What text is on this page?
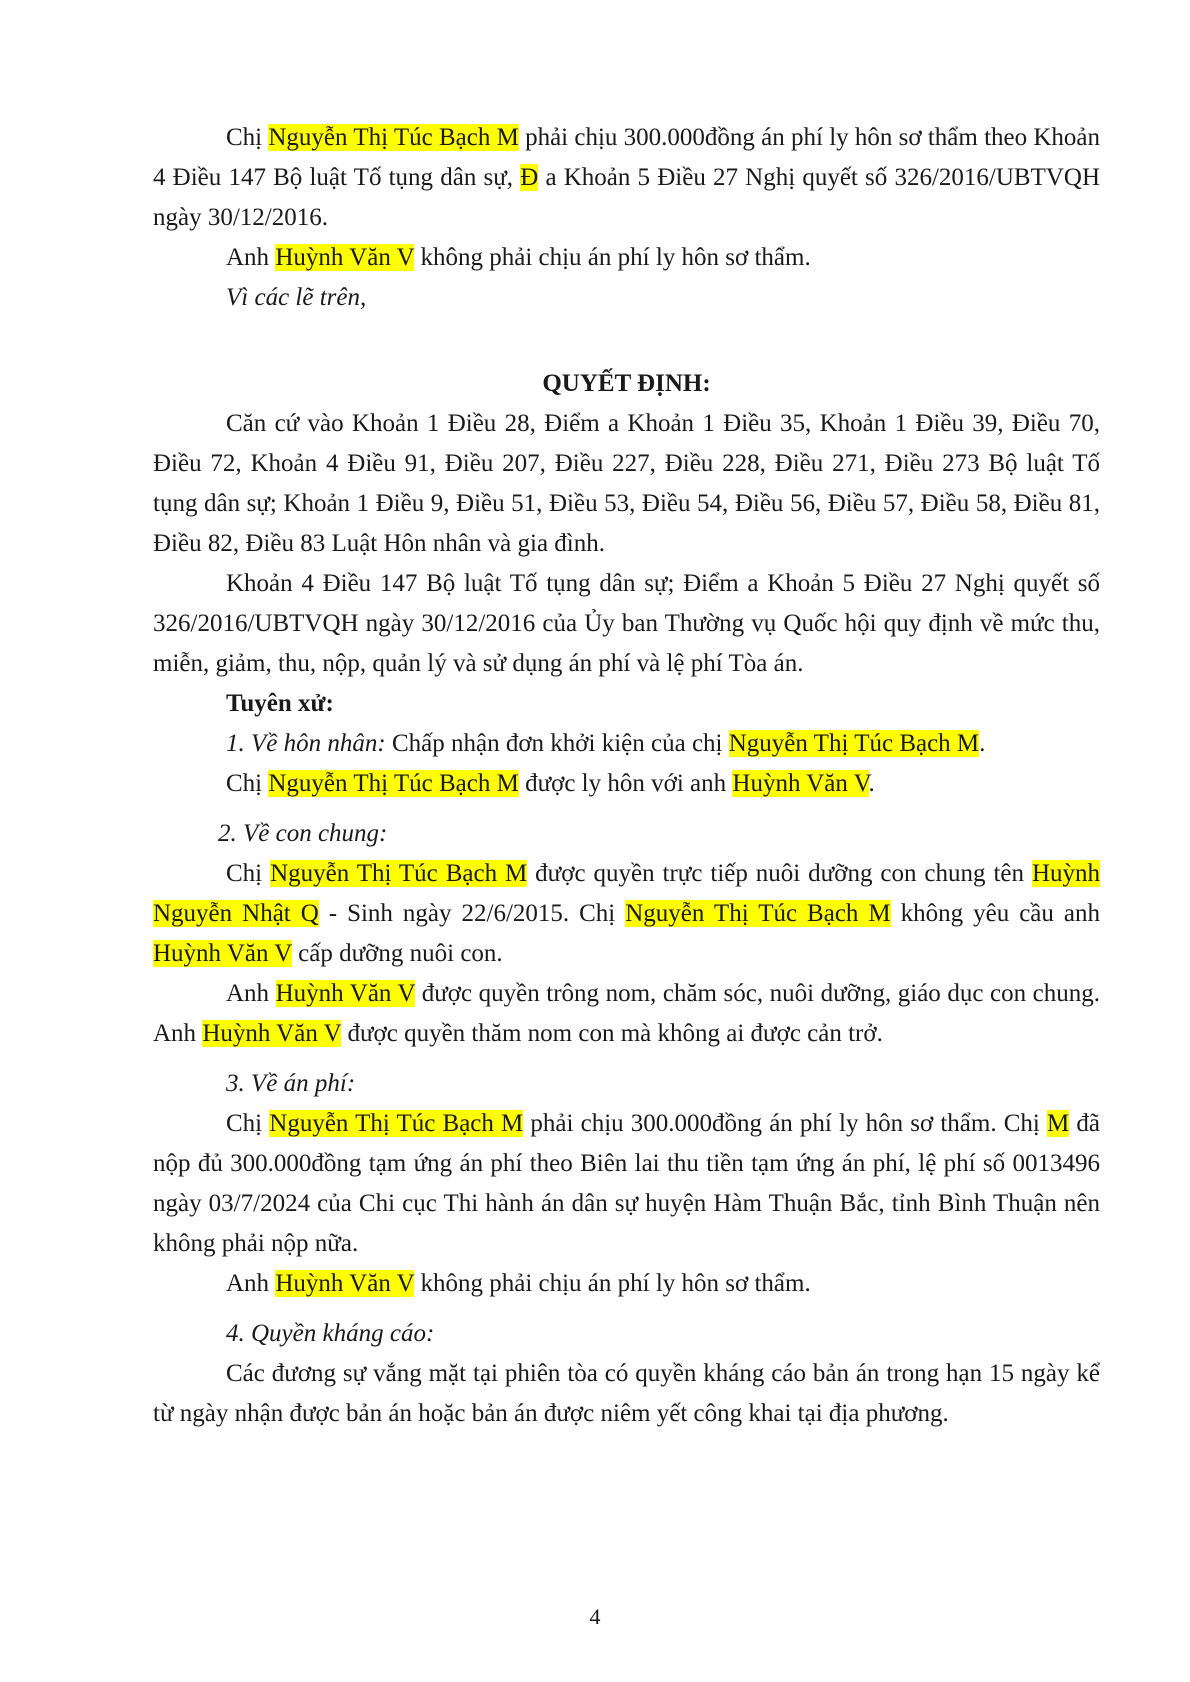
Chị Nguyễn Thị Túc Bạch M phải chịu 300.000đồng án phí ly hôn sơ thẩm theo Khoản 4 Điều 147 Bộ luật Tố tụng dân sự, Đ a Khoản 5 Điều 27 Nghị quyết số 326/2016/UBTVQH ngày 30/12/2016.

Anh Huỳnh Văn V không phải chịu án phí ly hôn sơ thẩm.

Vì các lẽ trên,

QUYẾT ĐỊNH:

Căn cứ vào Khoản 1 Điều 28, Điểm a Khoản 1 Điều 35, Khoản 1 Điều 39, Điều 70, Điều 72, Khoản 4 Điều 91, Điều 207, Điều 227, Điều 228, Điều 271, Điều 273 Bộ luật Tố tụng dân sự; Khoản 1 Điều 9, Điều 51, Điều 53, Điều 54, Điều 56, Điều 57, Điều 58, Điều 81, Điều 82, Điều 83 Luật Hôn nhân và gia đình.

Khoản 4 Điều 147 Bộ luật Tố tụng dân sự; Điểm a Khoản 5 Điều 27 Nghị quyết số 326/2016/UBTVQH ngày 30/12/2016 của Ủy ban Thường vụ Quốc hội quy định về mức thu, miễn, giảm, thu, nộp, quản lý và sử dụng án phí và lệ phí Tòa án.

Tuyên xử:

1. Về hôn nhân: Chấp nhận đơn khởi kiện của chị Nguyễn Thị Túc Bạch M.

Chị Nguyễn Thị Túc Bạch M được ly hôn với anh Huỳnh Văn V.

2. Về con chung:

Chị Nguyễn Thị Túc Bạch M được quyền trực tiếp nuôi dưỡng con chung tên Huỳnh Nguyễn Nhật Q - Sinh ngày 22/6/2015. Chị Nguyễn Thị Túc Bạch M không yêu cầu anh Huỳnh Văn V cấp dưỡng nuôi con.

Anh Huỳnh Văn V được quyền trông nom, chăm sóc, nuôi dưỡng, giáo dục con chung. Anh Huỳnh Văn V được quyền thăm nom con mà không ai được cản trở.

3. Về án phí:

Chị Nguyễn Thị Túc Bạch M phải chịu 300.000đồng án phí ly hôn sơ thẩm. Chị M đã nộp đủ 300.000đồng tạm ứng án phí theo Biên lai thu tiền tạm ứng án phí, lệ phí số 0013496 ngày 03/7/2024 của Chi cục Thi hành án dân sự huyện Hàm Thuận Bắc, tỉnh Bình Thuận nên không phải nộp nữa.

Anh Huỳnh Văn V không phải chịu án phí ly hôn sơ thẩm.

4. Quyền kháng cáo:

Các đương sự vắng mặt tại phiên tòa có quyền kháng cáo bản án trong hạn 15 ngày kể từ ngày nhận được bản án hoặc bản án được niêm yết công khai tại địa phương.

4
